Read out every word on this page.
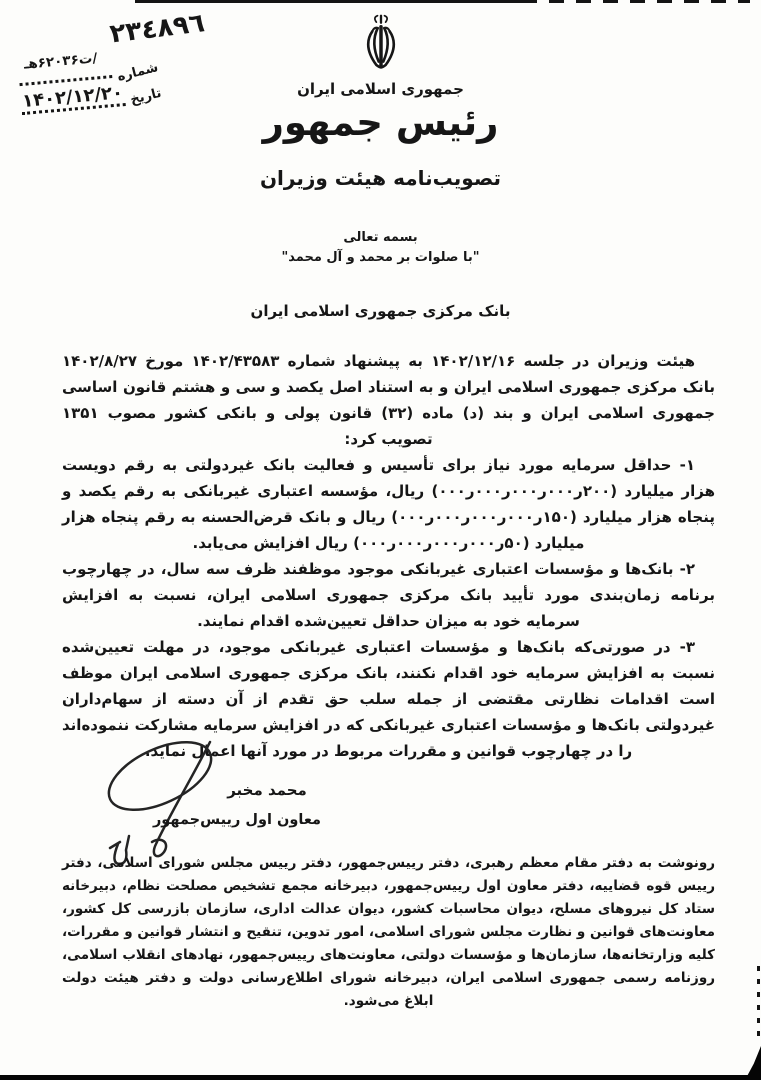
٢٣٤٨٩٦
/ت۶۲۰۳۶هـ
شماره
تاریخ
۱۴۰۲/۱۲/۲۰	جمهوری اسلامی ایران
رئیس جمهور
تصویب‌نامه هیئت وزیران
بسمه تعالی
"با صلوات بر محمد و آل محمد"
بانک مرکزی جمهوری اسلامی ایران

هیئت وزیران در جلسه ۱۴۰۲/۱۲/۱۶ به پیشنهاد شماره ۱۴۰۲/۴۳۵۸۳ مورخ ۱۴۰۲/۸/۲۷ بانک مرکزی جمهوری اسلامی ایران و به استناد اصل یکصد و سی و هشتم قانون اساسی جمهوری اسلامی ایران و بند (د) ماده (۳۲) قانون پولی و بانکی کشور مصوب ۱۳۵۱ تصویب کرد:

۱- حداقل سرمایه مورد نیاز برای تأسیس و فعالیت بانک غیردولتی به رقم دویست هزار میلیارد (۲۰۰ر۰۰۰ر۰۰۰ر۰۰۰ر۰۰۰) ریال، مؤسسه اعتباری غیربانکی به رقم یکصد و پنجاه هزار میلیارد (۱۵۰ر۰۰۰ر۰۰۰ر۰۰۰ر۰۰۰) ریال و بانک قرض‌الحسنه به رقم پنجاه هزار میلیارد (۵۰ر۰۰۰ر۰۰۰ر۰۰۰ر۰۰۰) ریال افزایش می‌یابد.

۲- بانک‌ها و مؤسسات اعتباری غیربانکی موجود موظفند ظرف سه سال، در چهارچوب برنامه زمان‌بندی مورد تأیید بانک مرکزی جمهوری اسلامی ایران، نسبت به افزایش سرمایه خود به میزان حداقل تعیین‌شده اقدام نمایند.

۳- در صورتی‌که بانک‌ها و مؤسسات اعتباری غیربانکی موجود، در مهلت تعیین‌شده نسبت به افزایش سرمایه خود اقدام نکنند، بانک مرکزی جمهوری اسلامی ایران موظف است اقدامات نظارتی مقتضی از جمله سلب حق تقدم از آن دسته از سهام‌داران غیردولتی بانک‌ها و مؤسسات اعتباری غیربانکی که در افزایش سرمایه مشارکت ننموده‌اند را در چهارچوب قوانین و مقررات مربوط در مورد آنها اعمال نماید.

محمد مخبر
معاون اول رییس‌جمهور

رونوشت به دفتر مقام معظم رهبری، دفتر رییس‌جمهور، دفتر رییس مجلس شورای اسلامی، دفتر رییس قوه قضاییه، دفتر معاون اول رییس‌جمهور، دبیرخانه مجمع تشخیص مصلحت نظام، دبیرخانه ستاد کل نیروهای مسلح، دیوان محاسبات کشور، دیوان عدالت اداری، سازمان بازرسی کل کشور، معاونت‌های قوانین و نظارت مجلس شورای اسلامی، امور تدوین، تنقیح و انتشار قوانین و مقررات، کلیه وزارتخانه‌ها، سازمان‌ها و مؤسسات دولتی، معاونت‌های رییس‌جمهور، نهادهای انقلاب اسلامی، روزنامه رسمی جمهوری اسلامی ایران، دبیرخانه شورای اطلاع‌رسانی دولت و دفتر هیئت دولت ابلاغ می‌شود.
